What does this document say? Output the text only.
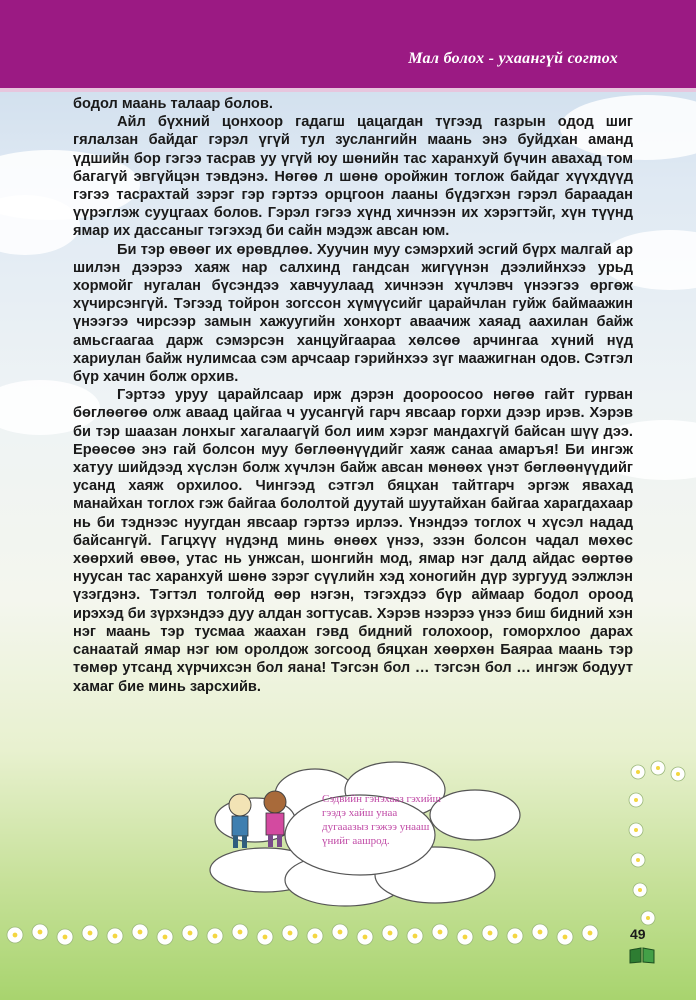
Мал болох - ухаангүй согтох

бодол маань талаар болов.

Айл бүхний цонхоор гадагш цацагдан түгээд газрын одод шиг гялалзан байдаг гэрэл үгүй тул зуслангийн маань энэ буйдхан аманд үдшийн бор гэгээ тасрав уу үгүй юу шөнийн тас харанхуй бүчин авахад том багагүй эвгүйцэн тэвдэнэ. Нөгөө л шөнө оройжин тоглож байдаг хүүхдүүд гэгээ тасрахтай зэрэг гэр гэртээ орцгоон лааны бүдэгхэн гэрэл бараадан үүрэглэж сууцгаах болов. Гэрэл гэгээ хүнд хичнээн их хэрэгтэйг, хүн түүнд ямар их дассаныг тэгэхэд би сайн мэдэж авсан юм.

Би тэр өвөөг их өрөвдлөө. Хуучин муу сэмэрхий эсгий бүрх малгай ар шилэн дээрээ хаяж нар салхинд гандсан жигүүнэн дээлийнхээ урьд хормойг нугалан бүсэндээ хавчуулаад хичнээн хүчлэвч үнээгээ өргөж хүчирсэнгүй. Тэгээд тойрон зогссон хүмүүсийг царайчлан гуйж баймаажин үнээгээ чирсээр замын хажуугийн хонхорт аваачиж хаяад аахилан байж амьсгаагаа дарж сэмэрсэн ханцуйгаараа хөлсөө арчингаа хүний нүд хариулан байж нулимсаа сэм арчсаар гэрийнхээ зүг маажигнан одов. Сэтгэл бүр хачин болж орхив.

Гэртээ уруу царайлсаар ирж дэрэн доороосоо нөгөө гайт гурван бөглөөгөө олж аваад цайгаа ч уусангүй гарч явсаар горхи дээр ирэв. Хэрэв би тэр шаазан лонхыг хагалаагүй бол иим хэрэг мандахгүй байсан шүү дээ. Ерөөсөө энэ гай болсон муу бөглөөнүүдийг хаяж санаа амаръя! Би ингэж хатуу шийдээд хүслэн болж хүчлэн байж авсан мөнөөх үнэт бөглөөнүүдийг усанд хаяж орхилоо. Чингээд сэтгэл бяцхан тайтгарч эргэж явахад манайхан тоглох гэж байгаа бололтой дуутай шуутайхан байгаа харагдахаар нь би тэднээс нуугдан явсаар гэртээ ирлээ. Үнэндээ тоглох ч хүсэл надад байсангүй. Гагцхүү нүдэнд минь өнөөх үнээ, эзэн болсон чадал мөхөс хөөрхий өвөө, утас нь унжсан, шонгийн мод, ямар нэг далд айдас өөртөө нуусан тас харанхуй шөнө зэрэг сүүлийн хэд хоногийн дүр зургууд ээлжлэн үзэгдэнэ. Тэгтэл толгойд өөр нэгэн, тэгэхдээ бүр аймаар бодол ороод ирэхэд би зүрхэндээ дуу алдан зогтусав. Хэрэв нээрээ үнээ биш бидний хэн нэг маань тэр тусмаа жаахан гэвд бидний голохоор, гоморхлоо дарах санаатай ямар нэг юм оролдож зогсоод бяцхан хөөрхөн Баяраа маань тэр төмөр утсанд хүрчихсэн бол яана! Тэгсэн бол … тэгсэн бол … ингэж бодуут хамаг бие минь зарсхийв.

Сэдвийн гэнэхааз гэхийш
гээдэ хайш унаа
дугааазыз гэжээ унааш
үнийг аашрод.
49
